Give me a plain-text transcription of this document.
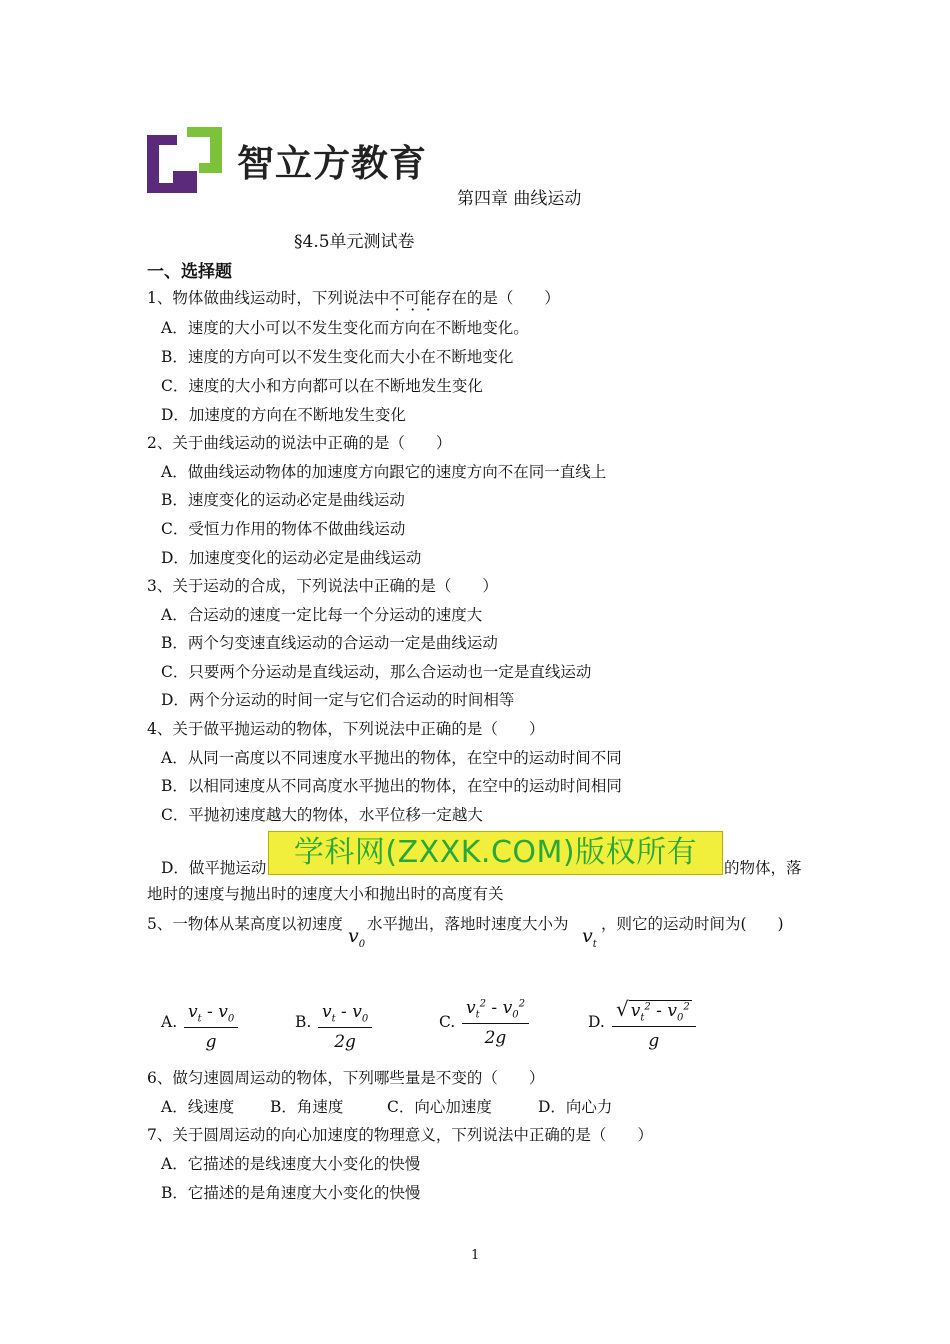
智立方教育
第四章 曲线运动
§4.5单元测试卷
一、选择题
1、物体做曲线运动时，下列说法中不可能存在的是（　　）
A．速度的大小可以不发生变化而方向在不断地变化。
B．速度的方向可以不发生变化而大小在不断地变化
C．速度的大小和方向都可以在不断地发生变化
D．加速度的方向在不断地发生变化
2、关于曲线运动的说法中正确的是（　　）
A．做曲线运动物体的加速度方向跟它的速度方向不在同一直线上
B．速度变化的运动必定是曲线运动
C．受恒力作用的物体不做曲线运动
D．加速度变化的运动必定是曲线运动
3、关于运动的合成，下列说法中正确的是（　　）
A．合运动的速度一定比每一个分运动的速度大
B．两个匀变速直线运动的合运动一定是曲线运动
C．只要两个分运动是直线运动，那么合运动也一定是直线运动
D．两个分运动的时间一定与它们合运动的时间相等
4、关于做平抛运动的物体，下列说法中正确的是（　　）
A．从同一高度以不同速度水平抛出的物体，在空中的运动时间不同
B．以相同速度从不同高度水平抛出的物体，在空中的运动时间相同
C．平抛初速度越大的物体，水平位移一定越大
D．做平抛运动	的物体，落
地时的速度与抛出时的速度大小和抛出时的高度有关
学科网(ZXXK.COM)版权所有
5、一物体从某高度以初速度
$v_0$
水平抛出，落地时速度大小为
$v_t$
，则它的运动时间为(　　)
A. $\frac{v_t - v_0}{g}$	B. $\frac{v_t - v_0}{2g}$	C. $\frac{v_t^2 - v_0^2}{2g}$	D. $\frac{√ v_t^2 - v_0^2}{g}$
6、做匀速圆周运动的物体，下列哪些量是不变的（　　）
A．线速度 B．角速度	C．向心加速度	D．向心力
7、关于圆周运动的向心加速度的物理意义，下列说法中正确的是（　　）
A．它描述的是线速度大小变化的快慢
B．它描述的是角速度大小变化的快慢
1
